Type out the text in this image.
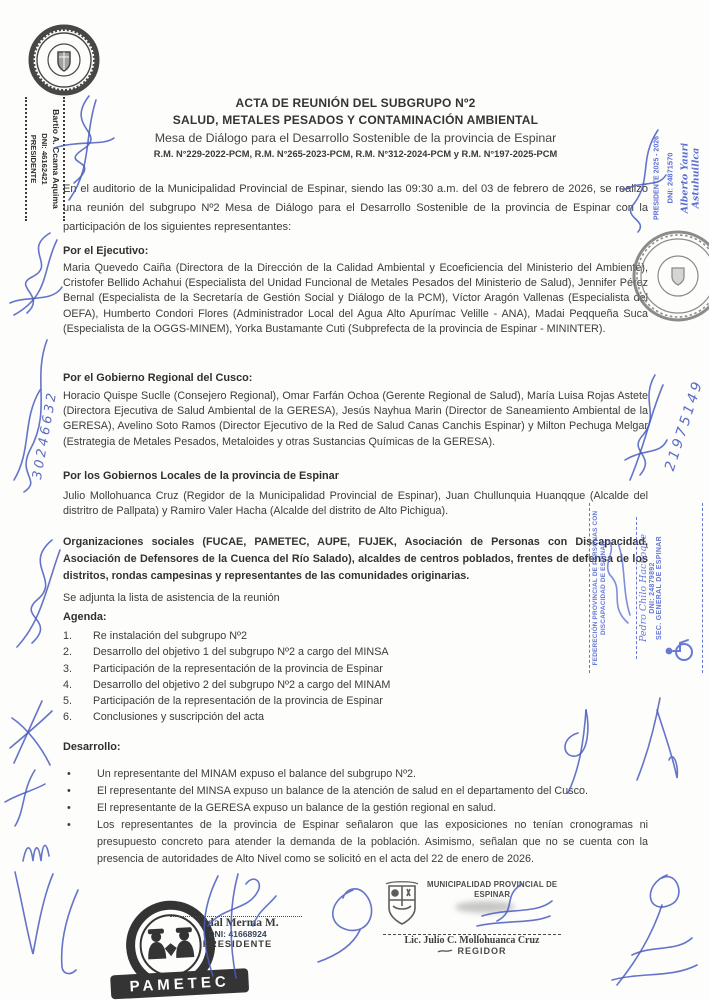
ACTA DE REUNIÓN DEL SUBGRUPO Nº2
SALUD, METALES PESADOS Y CONTAMINACIÓN AMBIENTAL
Mesa de Diálogo para el Desarrollo Sostenible de la provincia de Espinar
R.M. N°229-2022-PCM, R.M. N°265-2023-PCM, R.M. N°312-2024-PCM y R.M. N°197-2025-PCM

En el auditorio de la Municipalidad Provincial de Espinar, siendo las 09:30 a.m. del 03 de febrero de 2026, se realizó una reunión del subgrupo Nº2 Mesa de Diálogo para el Desarrollo Sostenible de la provincia de Espinar con la participación de los siguientes representantes:

Por el Ejecutivo:

Maria Quevedo Caiña (Directora de la Dirección de la Calidad Ambiental y Ecoeficiencia del Ministerio del Ambiente), Cristofer Bellido Achahui (Especialista del Unidad Funcional de Metales Pesados del Ministerio de Salud), Jennifer Pérez Bernal (Especialista de la Secretaría de Gestión Social y Diálogo de la PCM), Víctor Aragón Vallenas (Especialista del OEFA), Humberto Condori Flores (Administrador Local del Agua Alto Apurímac Velille - ANA), Madai Peqqueña Suca (Especialista de la OGGS-MINEM), Yorka Bustamante Cuti (Subprefecta de la provincia de Espinar - MININTER).

Por el Gobierno Regional del Cusco:

Horacio Quispe Suclle (Consejero Regional), Omar Farfán Ochoa (Gerente Regional de Salud), María Luisa Rojas Astete (Directora Ejecutiva de Salud Ambiental de la GERESA), Jesús Nayhua Marin (Director de Saneamiento Ambiental de la GERESA), Avelino Soto Ramos (Director Ejecutivo de la Red de Salud Canas Canchis Espinar) y Milton Pechuga Melgar (Estrategia de Metales Pesados, Metaloides y otras Sustancias Químicas de la GERESA).

Por los Gobiernos Locales de la provincia de Espinar

Julio Mollohuanca Cruz (Regidor de la Municipalidad Provincial de Espinar), Juan Chullunquia Huanqque (Alcalde del distritro de Pallpata) y Ramiro Valer Hacha (Alcalde del distrito de Alto Pichigua).

Organizaciones sociales (FUCAE, PAMETEC, AUPE, FUJEK, Asociación de Personas con Discapacidad, Asociación de Defensores de la Cuenca del Río Salado), alcaldes de centros poblados, frentes de defensa de los distritos, rondas campesinas y representantes de las comunidades originarias.

Se adjunta la lista de asistencia de la reunión
Agenda:
1.	Re instalación del subgrupo Nº2
2.	Desarrollo del objetivo 1 del subgrupo Nº2 a cargo del MINSA
3.	Participación de la representación de la provincia de Espinar
4.	Desarrollo del objetivo 2 del subgrupo Nº2 a cargo del MINAM
5.	Participación de la representación de la provincia de Espinar
6.	Conclusiones y suscripción del acta
Desarrollo:
•	Un representante del MINAM expuso el balance del subgrupo Nº2.
•	El representante del MINSA expuso un balance de la atención de salud en el departamento del Cusco.
•	El representante de la GERESA expuso un balance de la gestión regional en salud.
•	Los representantes de la provincia de Espinar señalaron que las exposiciones no tenían cronogramas ni presupuesto concreto para atender la demanda de la población. Asimismo, señalan que no se cuenta con la presencia de autoridades de Alto Nivel como se solicitó en el acta del 22 de enero de 2026.
Bartio A. Ccama Aquima
DNI: 46162421
PRESIDENTE
30246632
PRESIDENTE 2025 - 2026 DNI: 24871570 Alberto Yauri Astuhuillca
21975149
FEDERECIÓN PROVINCIAL DE PERSONAS CON DISCAPACIDAD DE ESPINAR	Pedro Chilo Hachoque DNI: 24879892 SEC. GENERAL DE ESPINAR
PAMETEC
Vidal Merma M.
DNI: 41668924
PRESIDENTE
MUNICIPALIDAD PROVINCIAL DE
ESPINAR
Lic. Julio C. Mollohuanca Cruz
REGIDOR
